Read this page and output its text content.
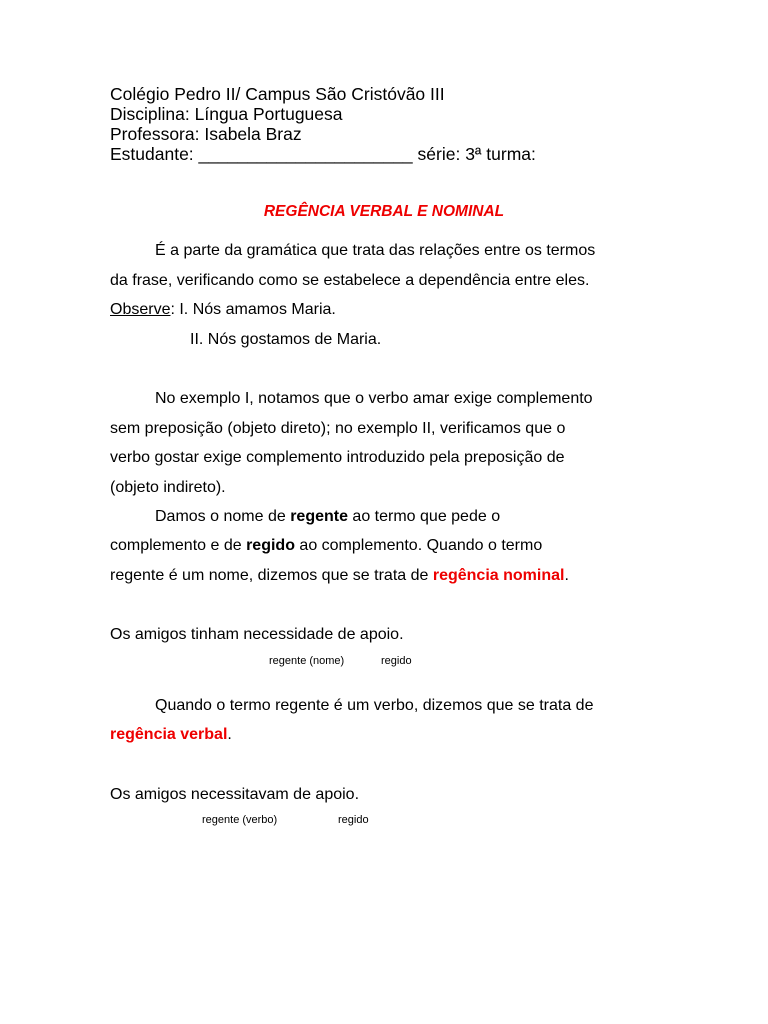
Colégio Pedro II/ Campus São Cristóvão III
Disciplina: Língua Portuguesa
Professora: Isabela Braz
Estudante: ______________________ série: 3ª turma:
REGÊNCIA VERBAL E NOMINAL
É a parte da gramática que trata das relações entre os termos
da frase, verificando como se estabelece a dependência entre eles.
Observe: I. Nós amamos Maria.
II. Nós gostamos de Maria.
No exemplo I, notamos que o verbo amar exige complemento
sem preposição (objeto direto); no exemplo II, verificamos que o
verbo gostar exige complemento introduzido pela preposição de
(objeto indireto).
Damos o nome de regente ao termo que pede o
complemento e de regido ao complemento. Quando o termo
regente é um nome, dizemos que se trata de regência nominal.
Os amigos tinham necessidade de apoio.
regente (nome)	regido
Quando o termo regente é um verbo, dizemos que se trata de
regência verbal.
Os amigos necessitavam de apoio.
regente (verbo)	regido
